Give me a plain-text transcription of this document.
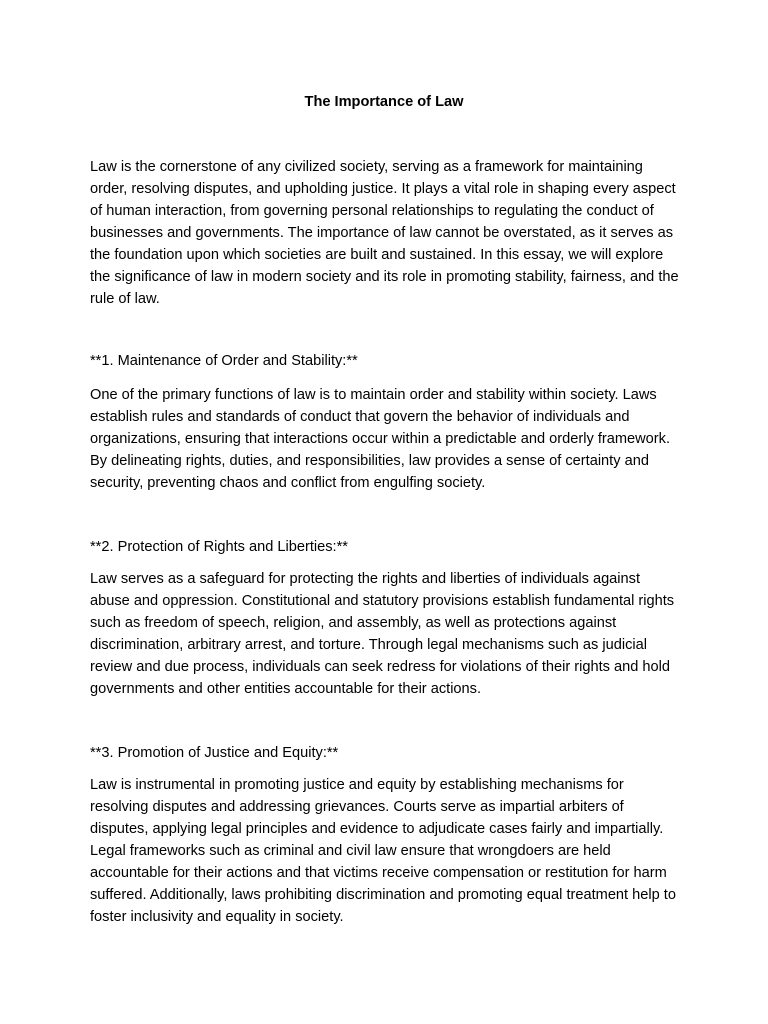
The Importance of Law

Law is the cornerstone of any civilized society, serving as a framework for maintaining order, resolving disputes, and upholding justice. It plays a vital role in shaping every aspect of human interaction, from governing personal relationships to regulating the conduct of businesses and governments. The importance of law cannot be overstated, as it serves as the foundation upon which societies are built and sustained. In this essay, we will explore the significance of law in modern society and its role in promoting stability, fairness, and the rule of law.

**1. Maintenance of Order and Stability:**

One of the primary functions of law is to maintain order and stability within society. Laws establish rules and standards of conduct that govern the behavior of individuals and organizations, ensuring that interactions occur within a predictable and orderly framework. By delineating rights, duties, and responsibilities, law provides a sense of certainty and security, preventing chaos and conflict from engulfing society.

**2. Protection of Rights and Liberties:**

Law serves as a safeguard for protecting the rights and liberties of individuals against abuse and oppression. Constitutional and statutory provisions establish fundamental rights such as freedom of speech, religion, and assembly, as well as protections against discrimination, arbitrary arrest, and torture. Through legal mechanisms such as judicial review and due process, individuals can seek redress for violations of their rights and hold governments and other entities accountable for their actions.

**3. Promotion of Justice and Equity:**

Law is instrumental in promoting justice and equity by establishing mechanisms for resolving disputes and addressing grievances. Courts serve as impartial arbiters of disputes, applying legal principles and evidence to adjudicate cases fairly and impartially. Legal frameworks such as criminal and civil law ensure that wrongdoers are held accountable for their actions and that victims receive compensation or restitution for harm suffered. Additionally, laws prohibiting discrimination and promoting equal treatment help to foster inclusivity and equality in society.
